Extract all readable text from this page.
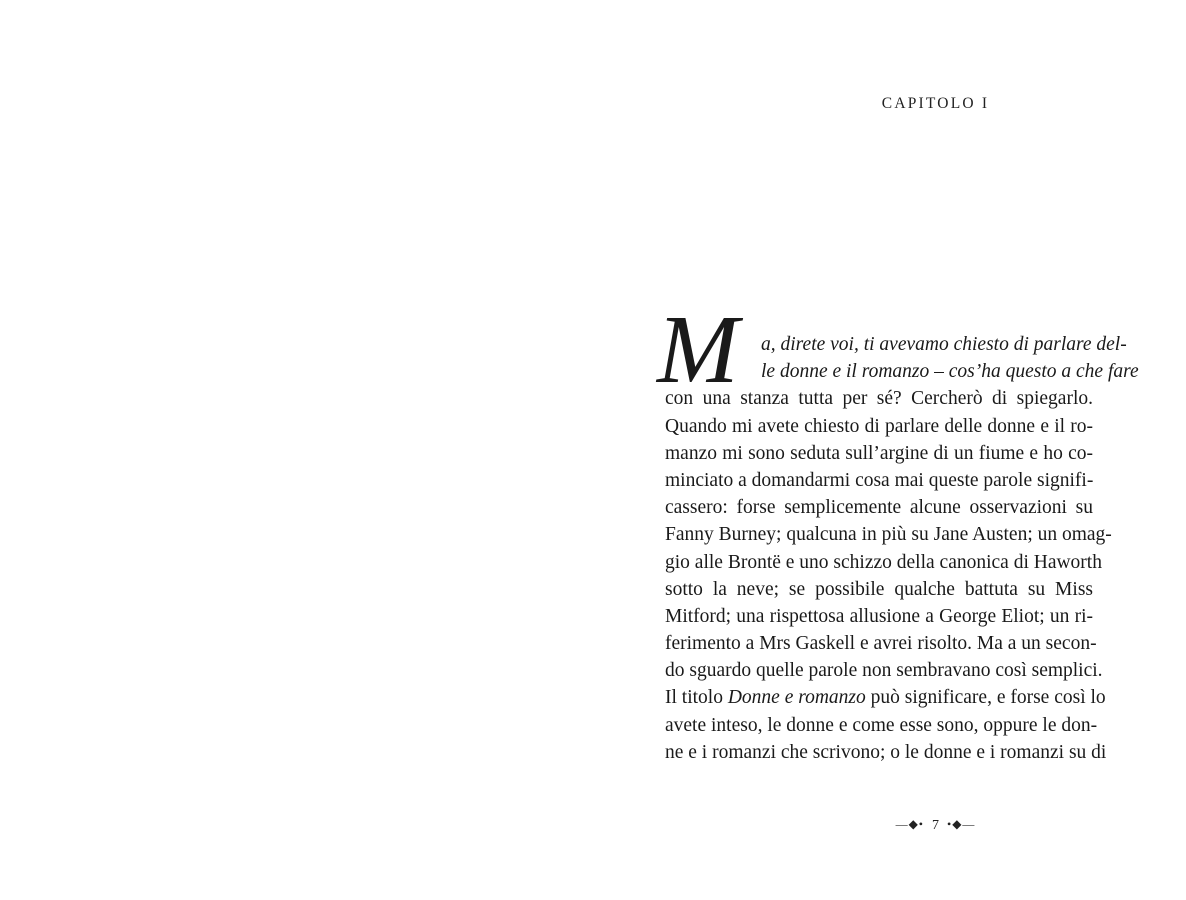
CAPITOLO I
M	a, direte voi, ti avevamo chiesto di parlare del-
le donne e il romanzo – cos’ha questo a che fare
con una stanza tutta per sé? Cercherò di spiegarlo.
Quando mi avete chiesto di parlare delle donne e il ro-
manzo mi sono seduta sull’argine di un fiume e ho co-
minciato a domandarmi cosa mai queste parole signifi-
cassero: forse semplicemente alcune osservazioni su
Fanny Burney; qualcuna in più su Jane Austen; un omag-
gio alle Brontë e uno schizzo della canonica di Haworth
sotto la neve; se possibile qualche battuta su Miss
Mitford; una rispettosa allusione a George Eliot; un ri-
ferimento a Mrs Gaskell e avrei risolto. Ma a un secon-
do sguardo quelle parole non sembravano così semplici.
Il titolo Donne e romanzo può significare, e forse così lo
avete inteso, le donne e come esse sono, oppure le don-
ne e i romanzi che scrivono; o le donne e i romanzi su di
—◆• 7 •◆—
